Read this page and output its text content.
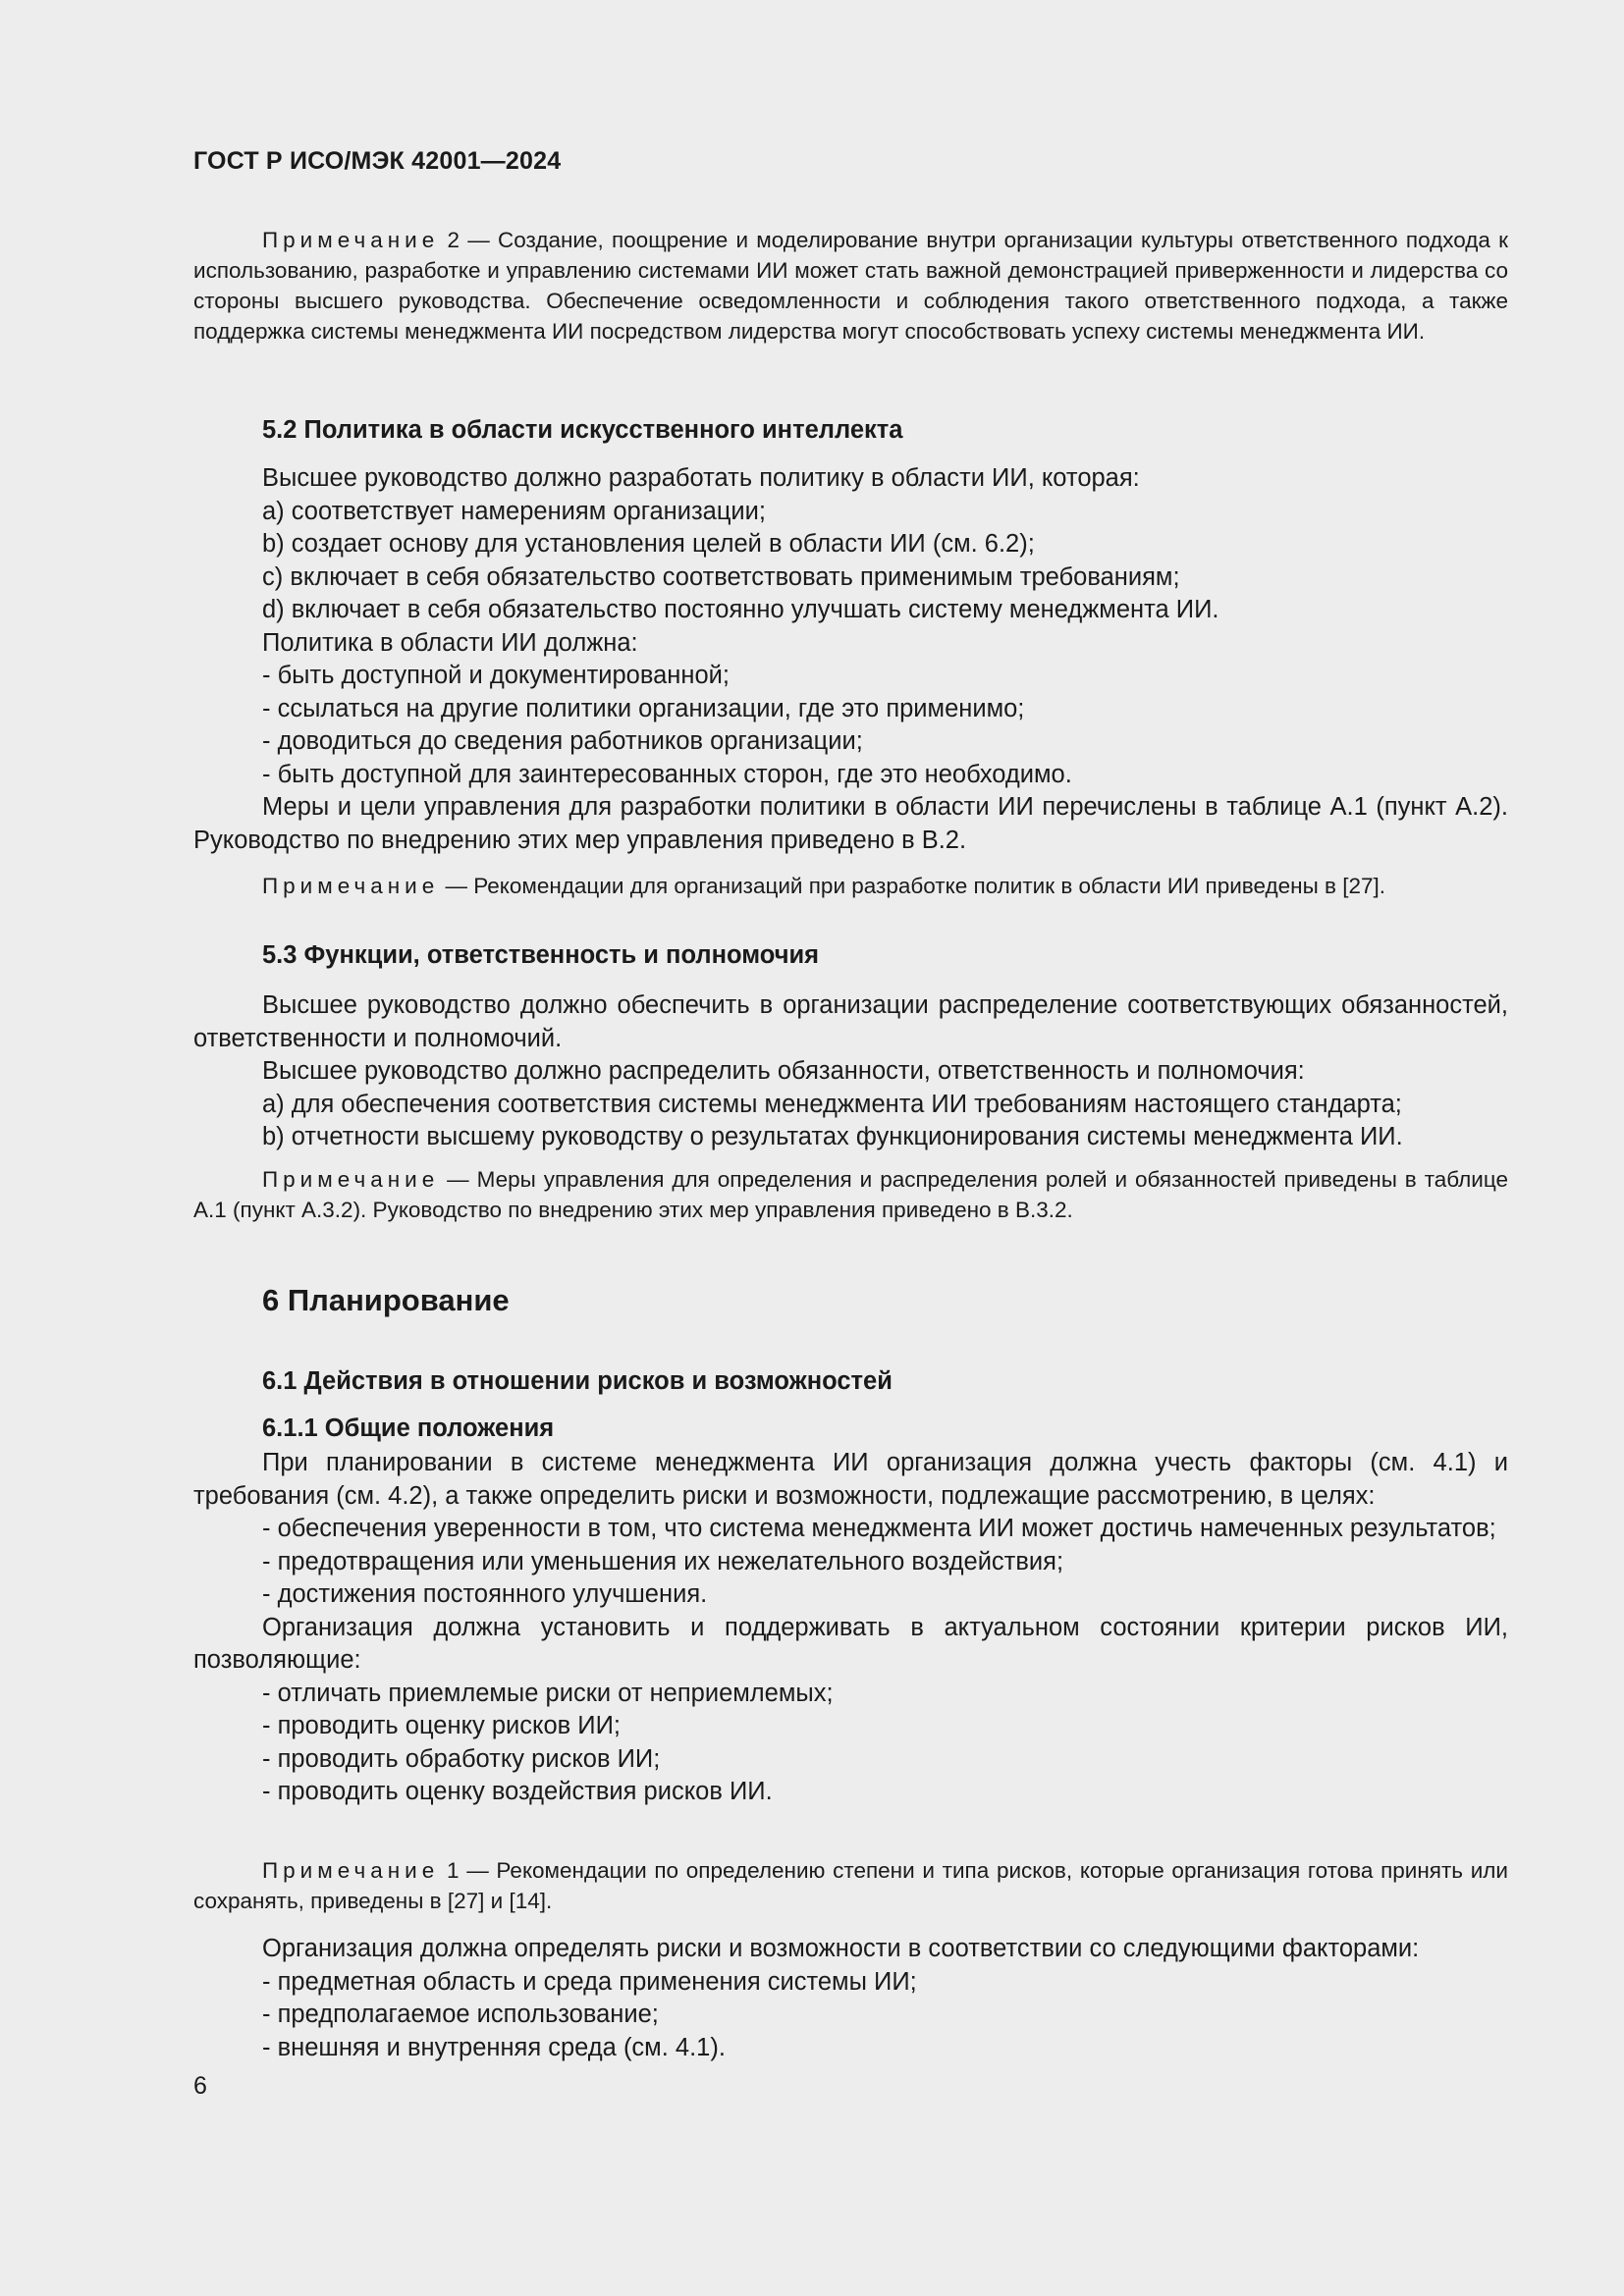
ГОСТ Р ИСО/МЭК 42001—2024

Примечание 2 — Создание, поощрение и моделирование внутри организации культуры ответственного подхода к использованию, разработке и управлению системами ИИ может стать важной демонстрацией приверженности и лидерства со стороны высшего руководства. Обеспечение осведомленности и соблюдения такого ответственного подхода, а также поддержка системы менеджмента ИИ посредством лидерства могут способствовать успеху системы менеджмента ИИ.

5.2 Политика в области искусственного интеллекта

Высшее руководство должно разработать политику в области ИИ, которая:

a) соответствует намерениям организации;

b) создает основу для установления целей в области ИИ (см. 6.2);

c) включает в себя обязательство соответствовать применимым требованиям;

d) включает в себя обязательство постоянно улучшать систему менеджмента ИИ.

Политика в области ИИ должна:

- быть доступной и документированной;

- ссылаться на другие политики организации, где это применимо;

- доводиться до сведения работников организации;

- быть доступной для заинтересованных сторон, где это необходимо.

Меры и цели управления для разработки политики в области ИИ перечислены в таблице А.1 (пункт А.2). Руководство по внедрению этих мер управления приведено в В.2.

Примечание — Рекомендации для организаций при разработке политик в области ИИ приведены в [27].

5.3 Функции, ответственность и полномочия

Высшее руководство должно обеспечить в организации распределение соответствующих обязанностей, ответственности и полномочий.

Высшее руководство должно распределить обязанности, ответственность и полномочия:

a) для обеспечения соответствия системы менеджмента ИИ требованиям настоящего стандарта;

b) отчетности высшему руководству о результатах функционирования системы менеджмента ИИ.

Примечание — Меры управления для определения и распределения ролей и обязанностей приведены в таблице А.1 (пункт А.3.2). Руководство по внедрению этих мер управления приведено в В.3.2.

6 Планирование

6.1 Действия в отношении рисков и возможностей

6.1.1 Общие положения

При планировании в системе менеджмента ИИ организация должна учесть факторы (см. 4.1) и требования (см. 4.2), а также определить риски и возможности, подлежащие рассмотрению, в целях:

- обеспечения уверенности в том, что система менеджмента ИИ может достичь намеченных результатов;

- предотвращения или уменьшения их нежелательного воздействия;

- достижения постоянного улучшения.

Организация должна установить и поддерживать в актуальном состоянии критерии рисков ИИ, позволяющие:

- отличать приемлемые риски от неприемлемых;

- проводить оценку рисков ИИ;

- проводить обработку рисков ИИ;

- проводить оценку воздействия рисков ИИ.

Примечание 1 — Рекомендации по определению степени и типа рисков, которые организация готова принять или сохранять, приведены в [27] и [14].

Организация должна определять риски и возможности в соответствии со следующими факторами:

- предметная область и среда применения системы ИИ;

- предполагаемое использование;

- внешняя и внутренняя среда (см. 4.1).

6
